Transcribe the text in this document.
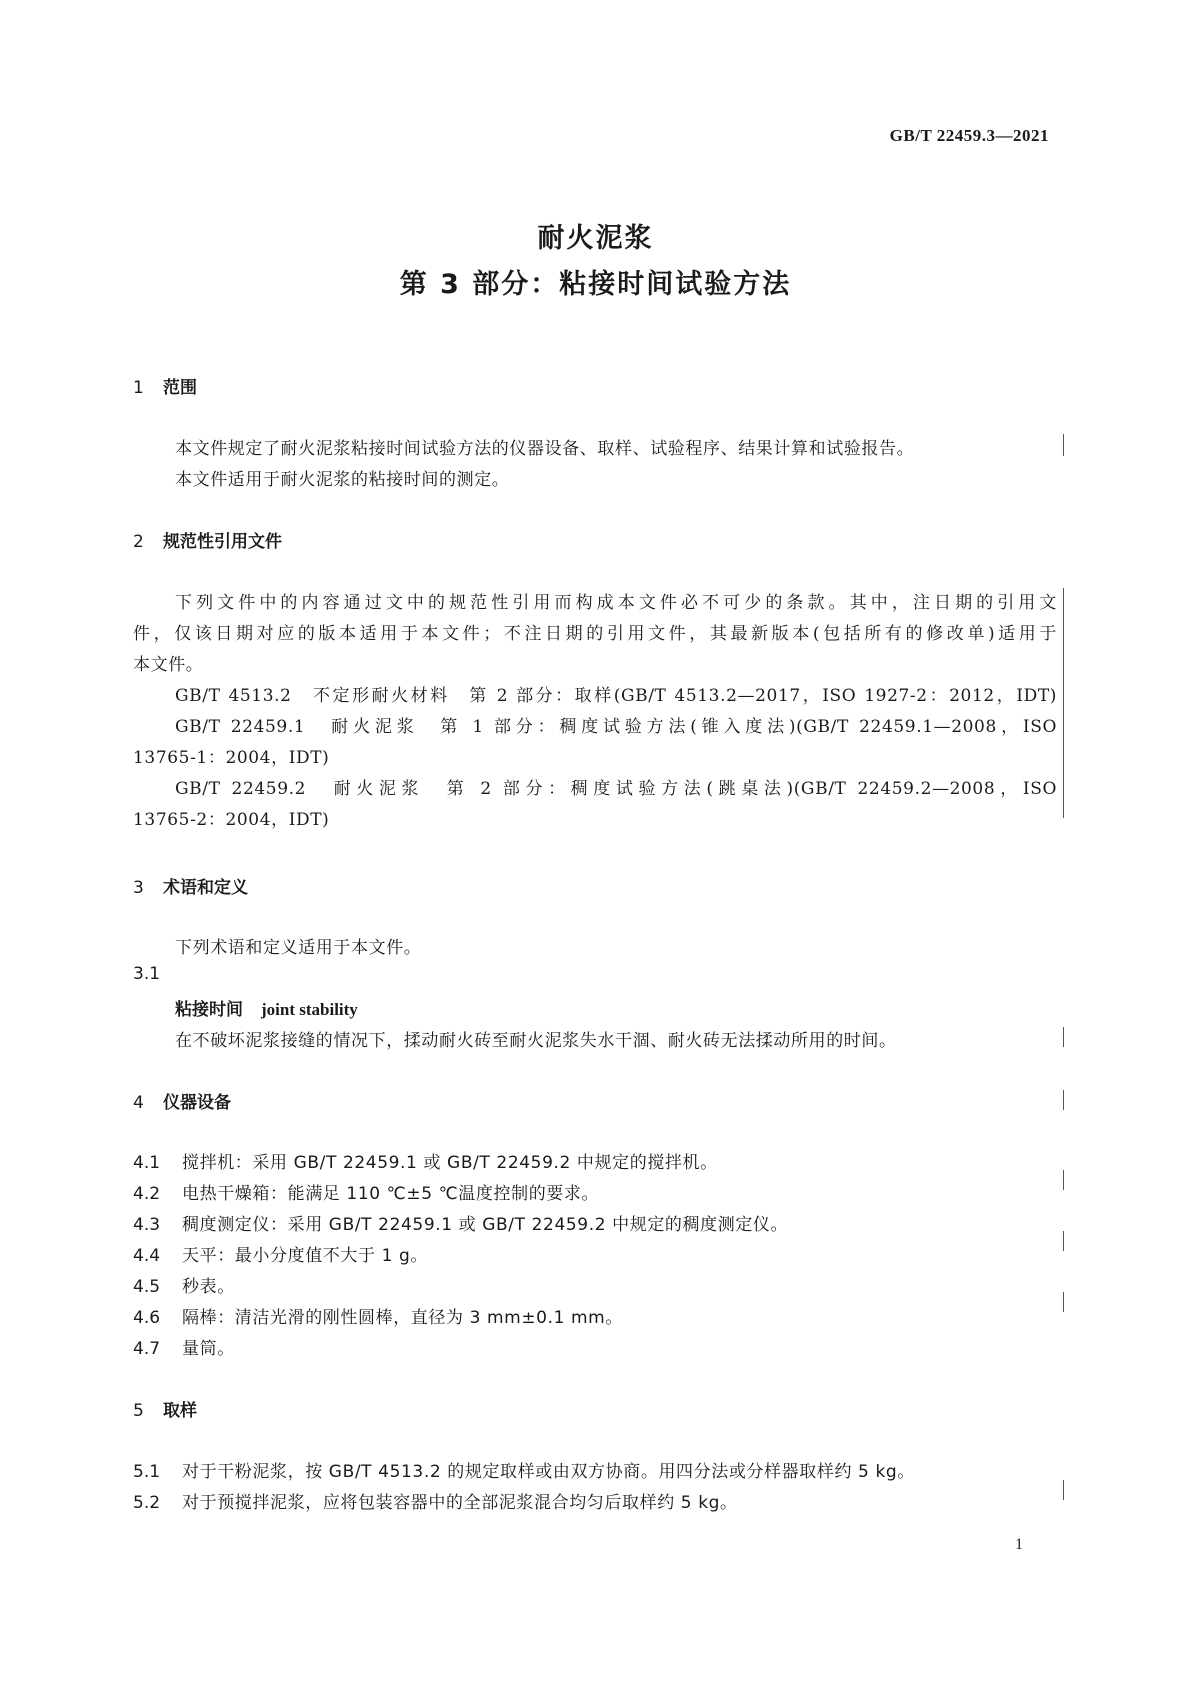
GB/T 22459.3—2021
耐火泥浆
第 3 部分：粘接时间试验方法
1 范围
本文件规定了耐火泥浆粘接时间试验方法的仪器设备、取样、试验程序、结果计算和试验报告。
本文件适用于耐火泥浆的粘接时间的测定。
2 规范性引用文件
下列文件中的内容通过文中的规范性引用而构成本文件必不可少的条款。其中，注日期的引用文
件，仅该日期对应的版本适用于本文件；不注日期的引用文件，其最新版本(包括所有的修改单)适用于
本文件。
GB/T 4513.2　不定形耐火材料　第 2 部分：取样(GB/T 4513.2—2017，ISO 1927-2：2012，IDT)
GB/T 22459.1　耐火泥浆　第 1 部分：稠度试验方法(锥入度法)(GB/T 22459.1—2008，ISO
13765-1：2004，IDT)
GB/T 22459.2　耐火泥浆　第 2 部分：稠度试验方法(跳桌法)(GB/T 22459.2—2008，ISO
13765-2：2004，IDT)
3 术语和定义
下列术语和定义适用于本文件。
3.1
粘接时间 joint stability
在不破坏泥浆接缝的情况下，揉动耐火砖至耐火泥浆失水干涸、耐火砖无法揉动所用的时间。
4 仪器设备
4.1 搅拌机：采用 GB/T 22459.1 或 GB/T 22459.2 中规定的搅拌机。
4.2 电热干燥箱：能满足 110 ℃±5 ℃温度控制的要求。
4.3 稠度测定仪：采用 GB/T 22459.1 或 GB/T 22459.2 中规定的稠度测定仪。
4.4 天平：最小分度值不大于 1 g。
4.5 秒表。
4.6 隔棒：清洁光滑的刚性圆棒，直径为 3 mm±0.1 mm。
4.7 量筒。
5 取样
5.1 对于干粉泥浆，按 GB/T 4513.2 的规定取样或由双方协商。用四分法或分样器取样约 5 kg。
5.2 对于预搅拌泥浆，应将包装容器中的全部泥浆混合均匀后取样约 5 kg。
1
